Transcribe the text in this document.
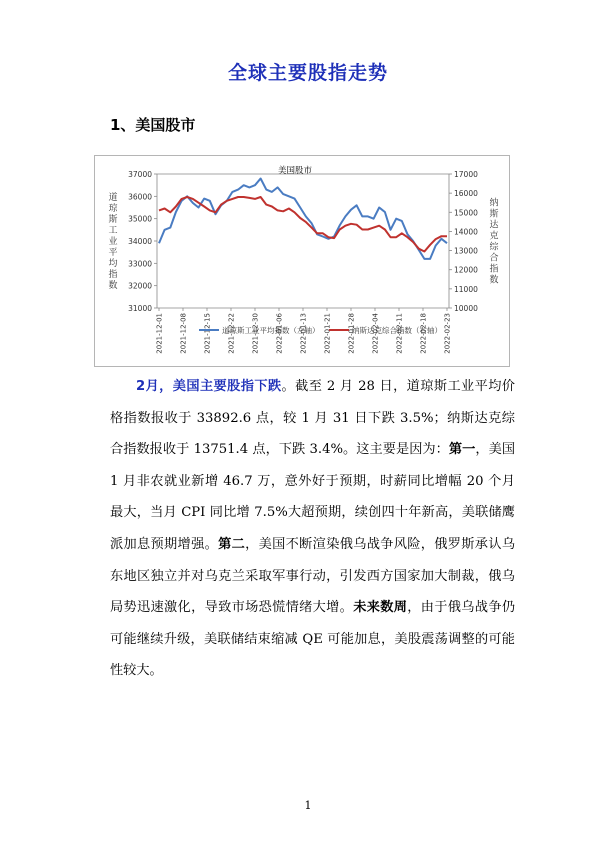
全球主要股指走势
1、美国股市
美国股市
31000
32000
33000
34000
35000
36000
37000
10000
11000
12000
13000
14000
15000
16000
17000
2021-12-01 2021-12-08 2021-12-15 2021-12-22 2021-12-30 2022-01-06 2022-01-13 2022-01-21 2022-01-28 2022-02-04 2022-02-11 2022-02-18 2022-02-23
道
琼
斯
工
业
平
均
指
数
纳
斯
达
克
综
合
指
数
道琼斯工业平均指数（左轴）	纳斯达克综合指数（右轴）

2月，美国主要股指下跌。截至 2 月 28 日，道琼斯工业平均价格指数报收于 33892.6 点，较 1 月 31 日下跌 3.5%；纳斯达克综合指数报收于 13751.4 点，下跌 3.4%。这主要是因为：第一，美国 1 月非农就业新增 46.7 万，意外好于预期，时薪同比增幅 20 个月最大，当月 CPI 同比增 7.5%大超预期，续创四十年新高，美联储鹰派加息预期增强。第二，美国不断渲染俄乌战争风险，俄罗斯承认乌东地区独立并对乌克兰采取军事行动，引发西方国家加大制裁，俄乌局势迅速激化，导致市场恐慌情绪大增。未来数周，由于俄乌战争仍可能继续升级，美联储结束缩减 QE 可能加息，美股震荡调整的可能性较大。

1
